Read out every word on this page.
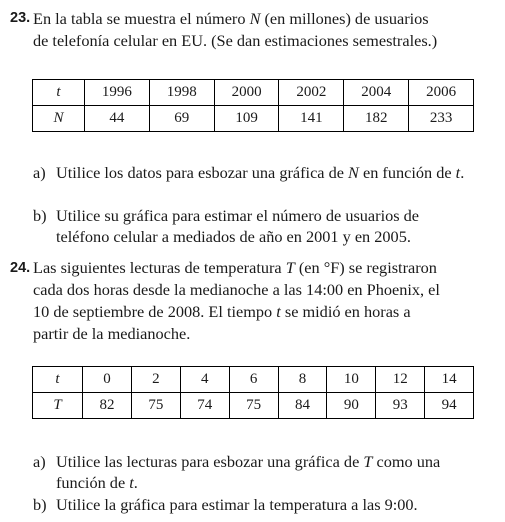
23. En la tabla se muestra el número N (en millones) de usuarios
de telefonía celular en EU. (Se dan estimaciones semestrales.)
t	1996	1998	2000	2002	2004	2006
N	44	69	109	141	182	233
a) Utilice los datos para esbozar una gráfica de N en función de t.
b) Utilice su gráfica para estimar el número de usuarios de teléfono celular a mediados de año en 2001 y en 2005.
24. Las siguientes lecturas de temperatura T (en °F) se registraron
cada dos horas desde la medianoche a las 14:00 en Phoenix, el
10 de septiembre de 2008. El tiempo t se midió en horas a
partir de la medianoche.
t	0	2	4	6	8	10	12	14
T	82	75	74	75	84	90	93	94
a) Utilice las lecturas para esbozar una gráfica de T como una función de t.
b) Utilice la gráfica para estimar la temperatura a las 9:00.
